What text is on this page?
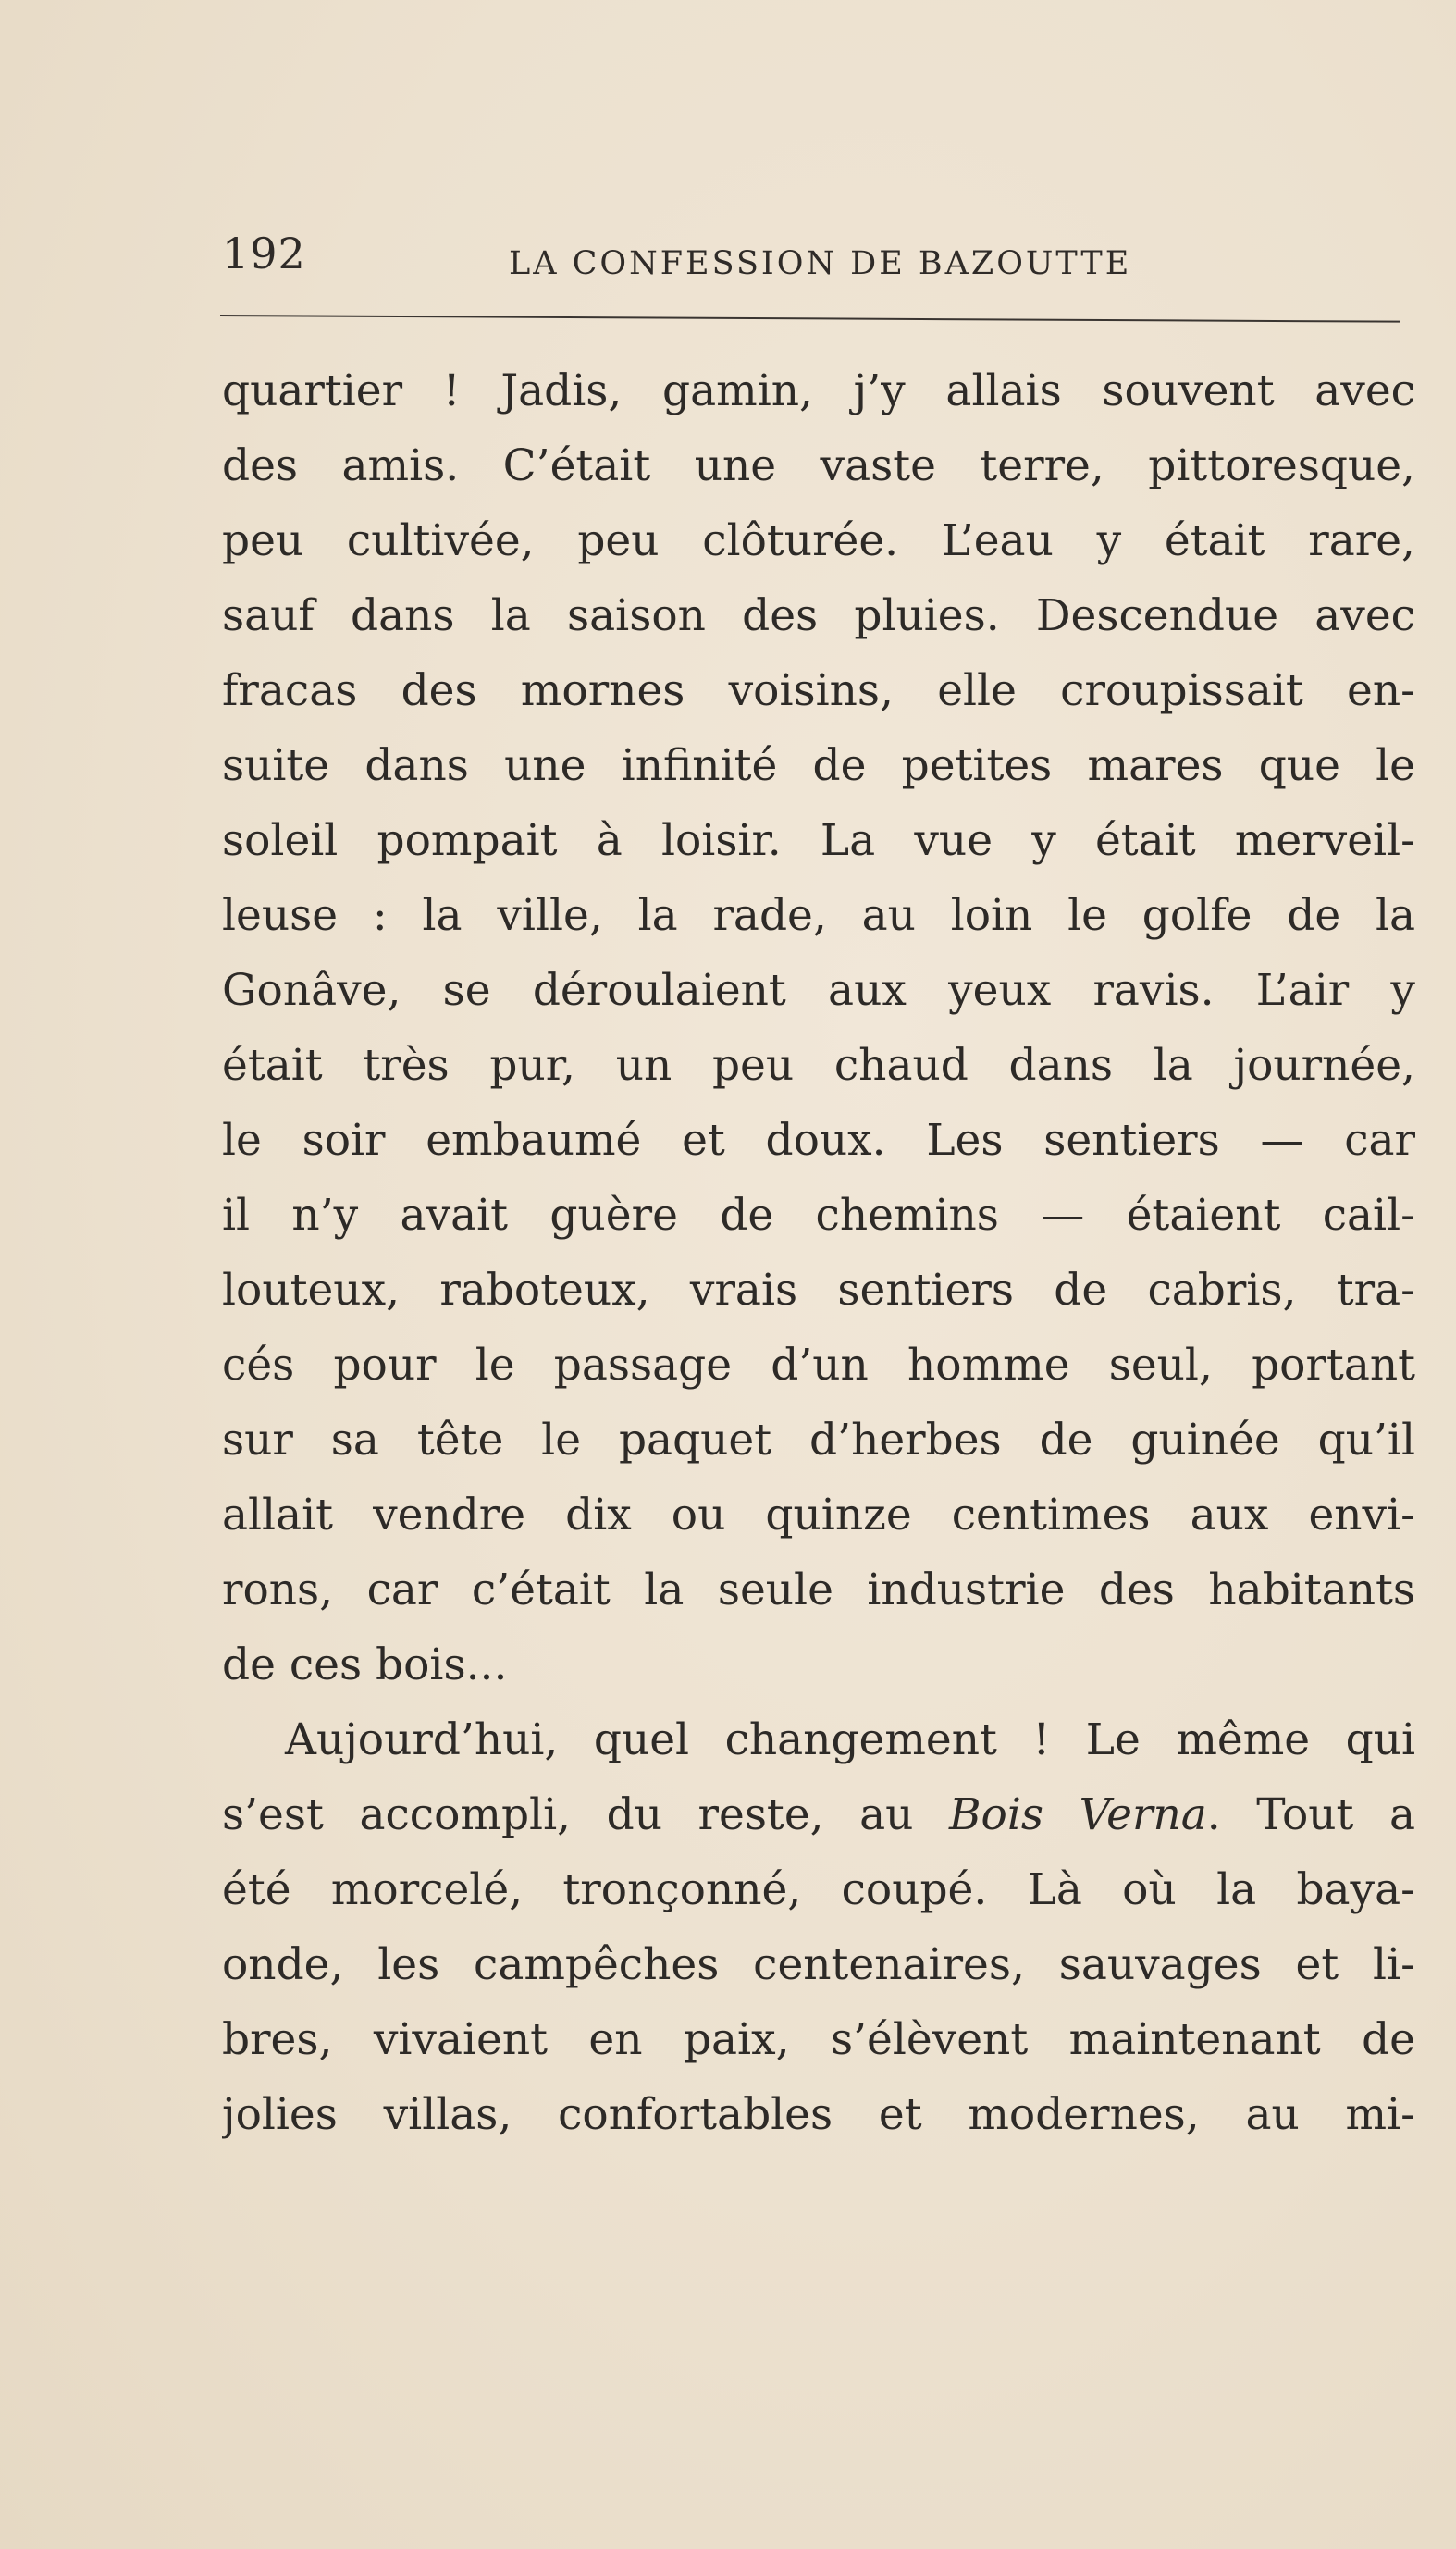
192	LA CONFESSION DE BAZOUTTE
quartier ! Jadis, gamin, j’y allais souvent avec
des amis. C’était une vaste terre, pittoresque,
peu cultivée, peu clôturée. L’eau y était rare,
sauf dans la saison des pluies. Descendue avec
fracas des mornes voisins, elle croupissait en-
suite dans une infinité de petites mares que le
soleil pompait à loisir. La vue y était merveil-
leuse : la ville, la rade, au loin le golfe de la
Gonâve, se déroulaient aux yeux ravis. L’air y
était très pur, un peu chaud dans la journée,
le soir embaumé et doux. Les sentiers — car
il n’y avait guère de chemins — étaient cail-
louteux, raboteux, vrais sentiers de cabris, tra-
cés pour le passage d’un homme seul, portant
sur sa tête le paquet d’herbes de guinée qu’il
allait vendre dix ou quinze centimes aux envi-
rons, car c’était la seule industrie des habitants
de ces bois...
Aujourd’hui, quel changement ! Le même qui
s’est accompli, du reste, au Bois Verna. Tout a
été morcelé, tronçonné, coupé. Là où la baya-
onde, les campêches centenaires, sauvages et li-
bres, vivaient en paix, s’élèvent maintenant de
jolies villas, confortables et modernes, au mi-
